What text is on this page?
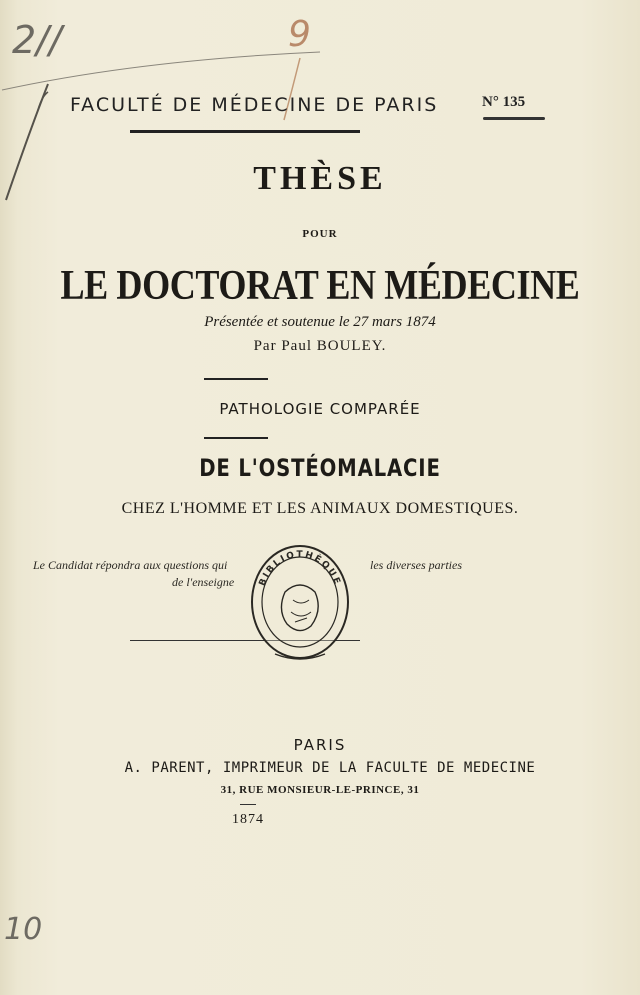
2//	9
10
FACULTÉ DE MÉDECINE DE PARIS	N° 135
THÈSE
POUR
LE DOCTORAT EN MÉDECINE
Présentée et soutenue le 27 mars 1874
Par Paul BOULEY.
PATHOLOGIE COMPARÉE
DE L'OSTÉOMALACIE
CHEZ L'HOMME ET LES ANIMAUX DOMESTIQUES.
Le Candidat répondra aux questions qui
de l'enseigne
les diverses parties
BIBLIOTHÈQUE
PARIS
A. PARENT, IMPRIMEUR DE LA FACULTE DE MEDECINE
31, RUE MONSIEUR-LE-PRINCE, 31
1874
